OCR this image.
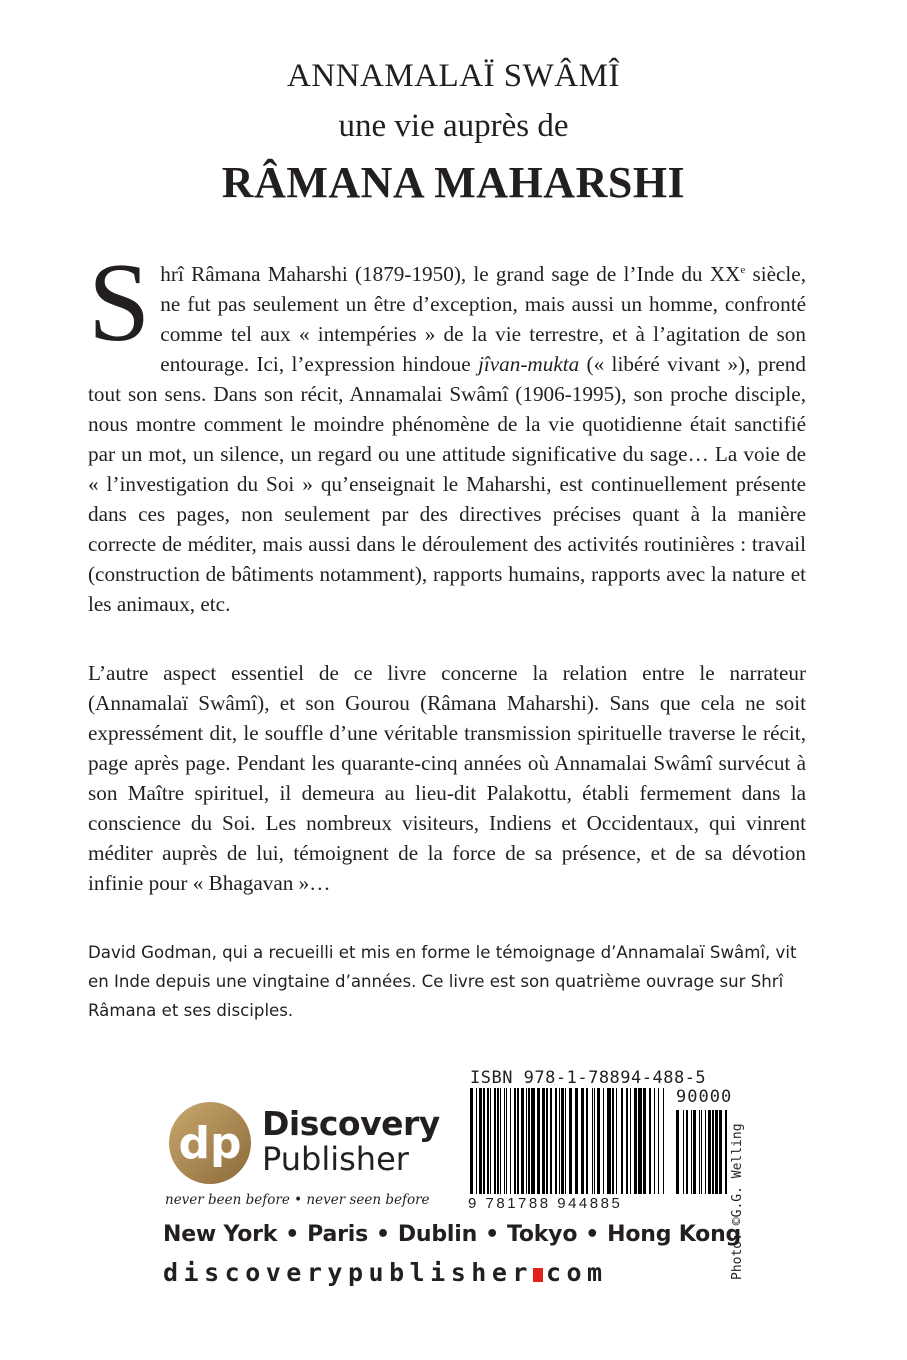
ANNAMALAÏ SWÂMÎ
une vie auprès de
RÂMANA MAHARSHI

Shrî Râmana Maharshi (1879-1950), le grand sage de l’Inde du XXe siècle, ne fut pas seulement un être d’exception, mais aussi un homme, confronté comme tel aux « intempéries » de la vie terrestre, et à l’agitation de son entourage. Ici, l’expression hindoue jîvan-mukta (« libéré vivant »), prend tout son sens. Dans son récit, Annamalai Swâmî (1906-1995), son proche disciple, nous montre comment le moindre phénomène de la vie quotidienne était sanctifié par un mot, un silence, un regard ou une attitude significative du sage… La voie de « l’investigation du Soi » qu’enseignait le Maharshi, est continuellement présente dans ces pages, non seulement par des directives précises quant à la manière correcte de méditer, mais aussi dans le déroulement des activités routinières : travail (construction de bâtiments notamment), rapports humains, rapports avec la nature et les animaux, etc.

L’autre aspect essentiel de ce livre concerne la relation entre le narrateur (Annamalaï Swâmî), et son Gourou (Râmana Maharshi). Sans que cela ne soit expressément dit, le souffle d’une véritable transmission spirituelle traverse le récit, page après page. Pendant les quarante-cinq années où Annamalai Swâmî survécut à son Maître spirituel, il demeura au lieu-dit Palakottu, établi fermement dans la conscience du Soi. Les nombreux visiteurs, Indiens et Occidentaux, qui vinrent méditer auprès de lui, témoignent de la force de sa présence, et de sa dévotion infinie pour « Bhagavan »…

David Godman, qui a recueilli et mis en forme le témoignage d’Annamalaï Swâmî, vit en Inde depuis une vingtaine d’années. Ce livre est son quatrième ouvrage sur Shrî Râmana et ses disciples.

ISBN 978-1-78894-488-5
90000
9 781788 944885	Photo: ©G.G. Welling
dp Discovery
Publisher
never been before • never seen before
New York • Paris • Dublin • Tokyo • Hong Kong
discoverypublisher com
